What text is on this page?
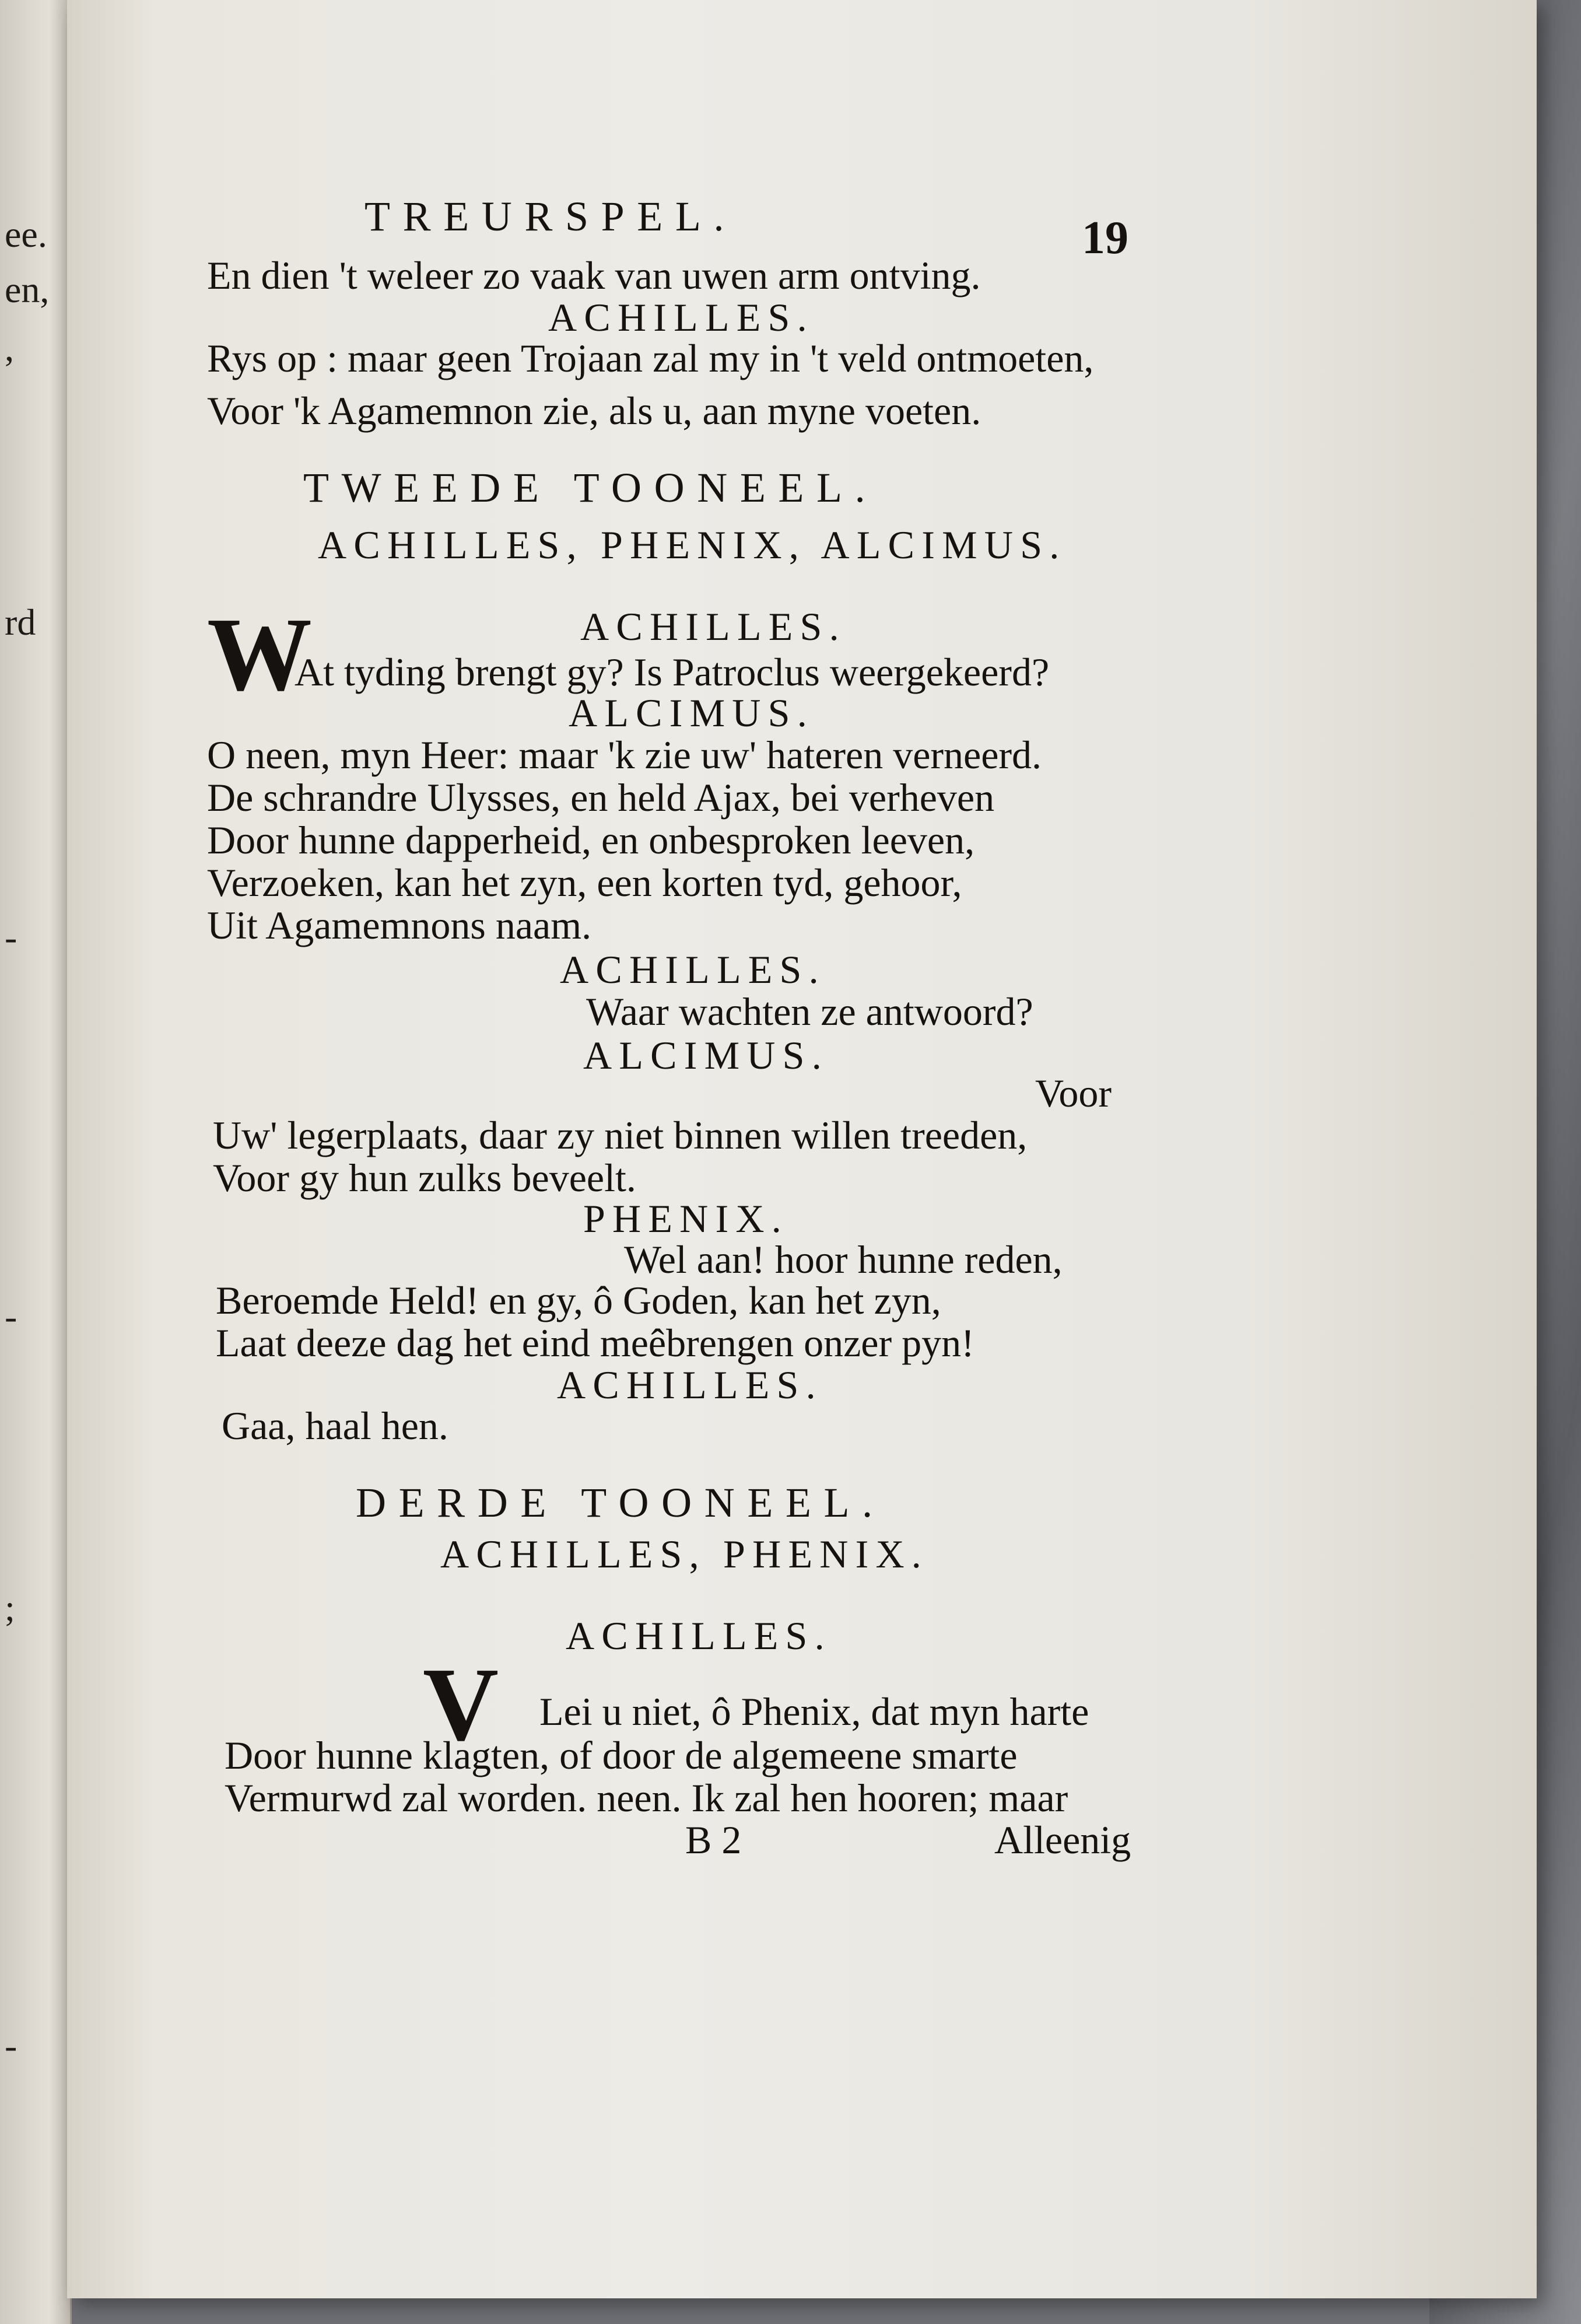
ee.
en,
,
rd
-
;
-
-
TREURSPEL.	19
En dien 't weleer zo vaak van uwen arm ontving.
ACHILLES.
Rys op : maar geen Trojaan zal my in 't veld ontmoeten,
Voor 'k Agamemnon zie, als u, aan myne voeten.
TWEEDE TOONEEL.
ACHILLES, PHENIX, ALCIMUS.
ACHILLES.
W
At tyding brengt gy? Is Patroclus weergekeerd?
ALCIMUS.
O neen, myn Heer: maar 'k zie uw' hateren verneerd.
De schrandre Ulysses, en held Ajax, bei verheven
Door hunne dapperheid, en onbesproken leeven,
Verzoeken, kan het zyn, een korten tyd, gehoor,
Uit Agamemnons naam.
ACHILLES.
Waar wachten ze antwoord?
ALCIMUS.
Voor
Uw' legerplaats, daar zy niet binnen willen treeden,
Voor gy hun zulks beveelt.
PHENIX.
Wel aan! hoor hunne reden,
Beroemde Held! en gy, ô Goden, kan het zyn,
Laat deeze dag het eind meêbrengen onzer pyn!
ACHILLES.
Gaa, haal hen.
DERDE TOONEEL.
ACHILLES, PHENIX.
ACHILLES.
V Lei u niet, ô Phenix, dat myn harte
Door hunne klagten, of door de algemeene smarte
Vermurwd zal worden. neen. Ik zal hen hooren; maar
B 2	Alleenig
